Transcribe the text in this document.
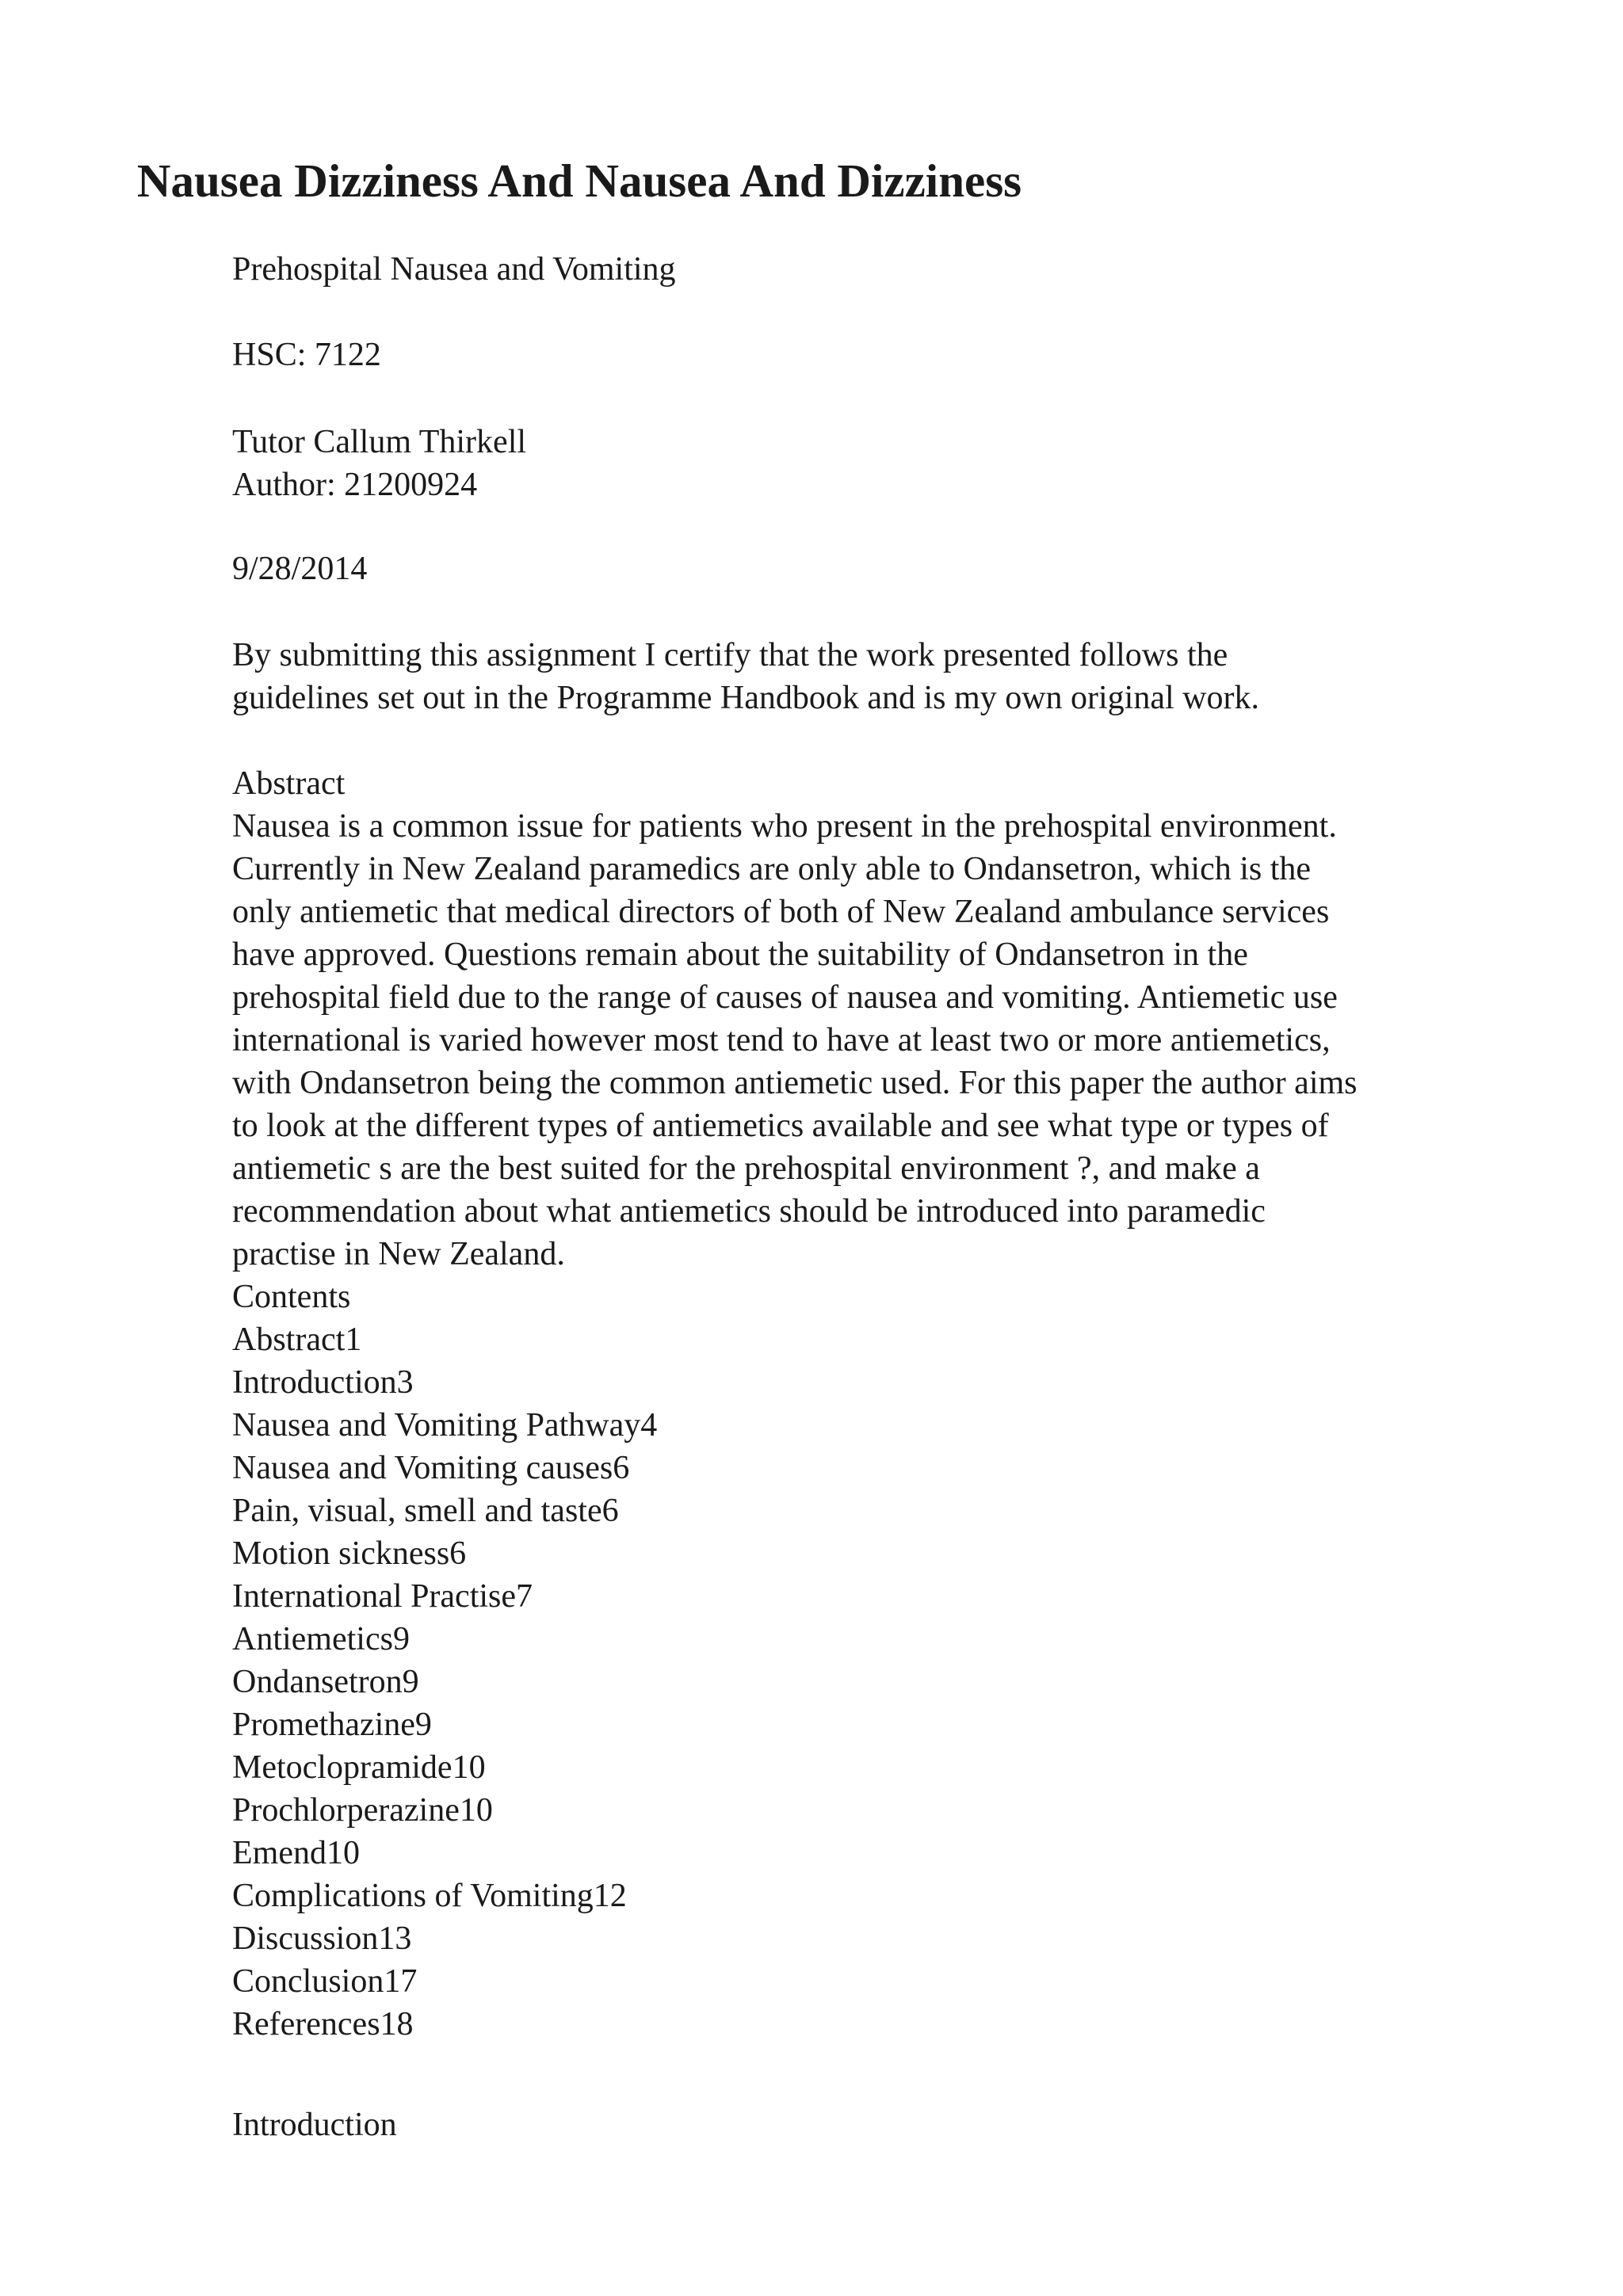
Nausea Dizziness And Nausea And Dizziness

Prehospital Nausea and Vomiting

HSC: 7122

Tutor Callum Thirkell

Author: 21200924

9/28/2014

By submitting this assignment I certify that the work presented follows the

guidelines set out in the Programme Handbook and is my own original work.

Abstract

Nausea is a common issue for patients who present in the prehospital environment.

Currently in New Zealand paramedics are only able to Ondansetron, which is the

only antiemetic that medical directors of both of New Zealand ambulance services

have approved. Questions remain about the suitability of Ondansetron in the

prehospital field due to the range of causes of nausea and vomiting. Antiemetic use

international is varied however most tend to have at least two or more antiemetics,

with Ondansetron being the common antiemetic used. For this paper the author aims

to look at the different types of antiemetics available and see what type or types of

antiemetic s are the best suited for the prehospital environment ?, and make a

recommendation about what antiemetics should be introduced into paramedic

practise in New Zealand.

Contents

Abstract1

Introduction3

Nausea and Vomiting Pathway4

Nausea and Vomiting causes6

Pain, visual, smell and taste6

Motion sickness6

International Practise7

Antiemetics9

Ondansetron9

Promethazine9

Metoclopramide10

Prochlorperazine10

Emend10

Complications of Vomiting12

Discussion13

Conclusion17

References18

Introduction
